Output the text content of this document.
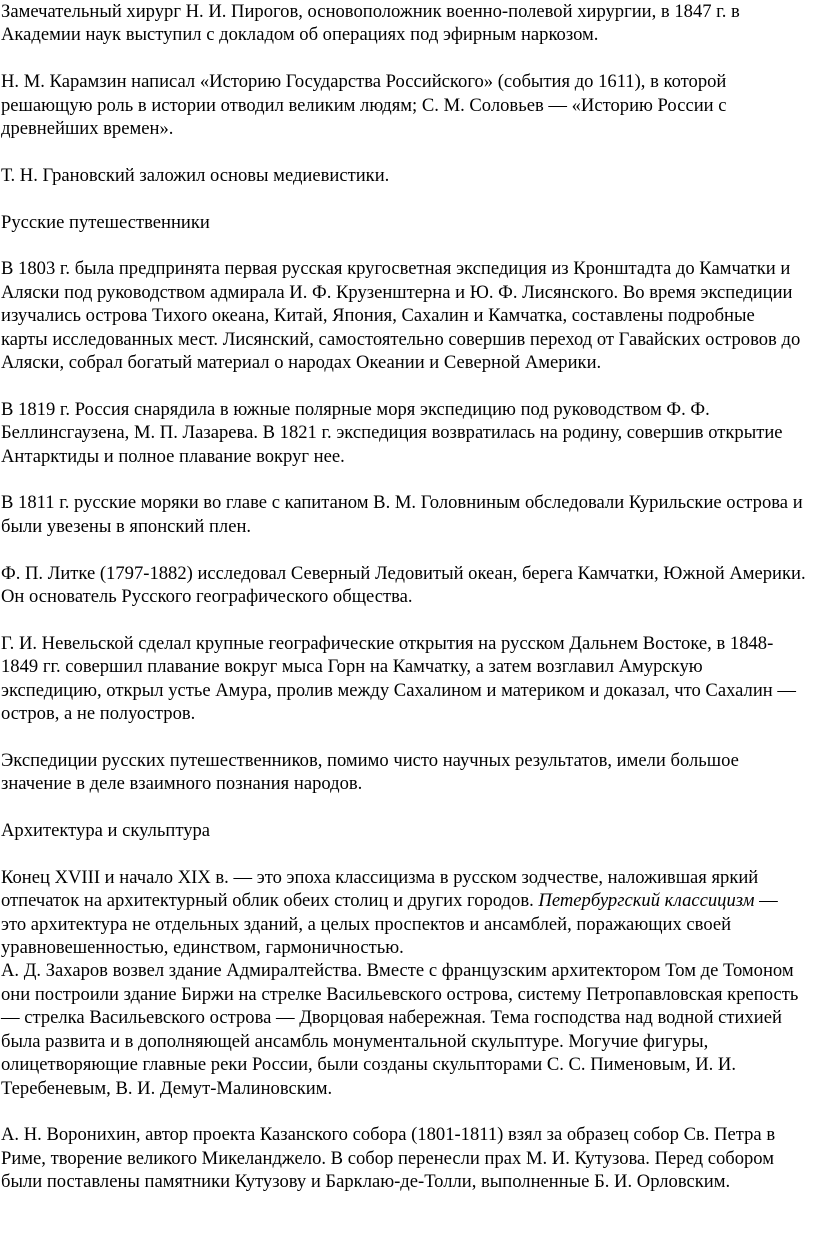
Замечательный хирург Н. И. Пирогов, основоположник военно-полевой хирургии, в 1847 г. в Академии наук выступил с докладом об операциях под эфирным наркозом.

Н. М. Карамзин написал «Историю Государства Российского» (события до 1611), в которой решающую роль в истории отводил великим людям; С. М. Соловьев — «Историю России с древнейших времен».

Т. Н. Грановский заложил основы медиевистики.

Русские путешественники

В 1803 г. была предпринята первая русская кругосветная экспедиция из Кронштадта до Камчатки и Аляски под руководством адмирала И. Ф. Крузенштерна и Ю. Ф. Лисянского. Во время экспедиции изучались острова Тихого океана, Китай, Япония, Сахалин и Камчатка, составлены подробные карты исследованных мест. Лисянский, самостоятельно совершив переход от Гавайских островов до Аляски, собрал богатый материал о народах Океании и Северной Америки.

В 1819 г. Россия снарядила в южные полярные моря экспедицию под руководством Ф. Ф. Беллинсгаузена, М. П. Лазарева. В 1821 г. экспедиция возвратилась на родину, совершив открытие Антарктиды и полное плавание вокруг нее.

В 1811 г. русские моряки во главе с капитаном В. М. Головниным обследовали Курильские острова и были увезены в японский плен.

Ф. П. Литке (1797-1882) исследовал Северный Ледовитый океан, берега Камчатки, Южной Америки. Он основатель Русского географического общества.

Г. И. Невельской сделал крупные географические открытия на русском Дальнем Востоке, в 1848-1849 гг. совершил плавание вокруг мыса Горн на Камчатку, а затем возглавил Амурскую экспедицию, открыл устье Амура, пролив между Сахалином и материком и доказал, что Сахалин — остров, а не полуостров.

Экспедиции русских путешественников, помимо чисто научных результатов, имели большое значение в деле взаимного познания народов.

Архитектура и скульптура

Конец XVIII и начало XIX в. — это эпоха классицизма в русском зодчестве, наложившая яркий отпечаток на архитектурный облик обеих столиц и других городов. Петербургский классицизм — это архитектура не отдельных зданий, а целых проспектов и ансамблей, поражающих своей уравновешенностью, единством, гармоничностью.

А. Д. Захаров возвел здание Адмиралтейства. Вместе с французским архитектором Том де Томоном они построили здание Биржи на стрелке Васильевского острова, систему Петропавловская крепость — стрелка Васильевского острова — Дворцовая набережная. Тема господства над водной стихией была развита и в дополняющей ансамбль монументальной скульптуре. Могучие фигуры, олицетворяющие главные реки России, были созданы скульпторами С. С. Пименовым, И. И. Теребеневым, В. И. Демут-Малиновским.

А. Н. Воронихин, автор проекта Казанского собора (1801-1811) взял за образец собор Св. Петра в Риме, творение великого Микеланджело. В собор перенесли прах М. И. Кутузова. Перед собором были поставлены памятники Кутузову и Барклаю-де-Толли, выполненные Б. И. Орловским.
